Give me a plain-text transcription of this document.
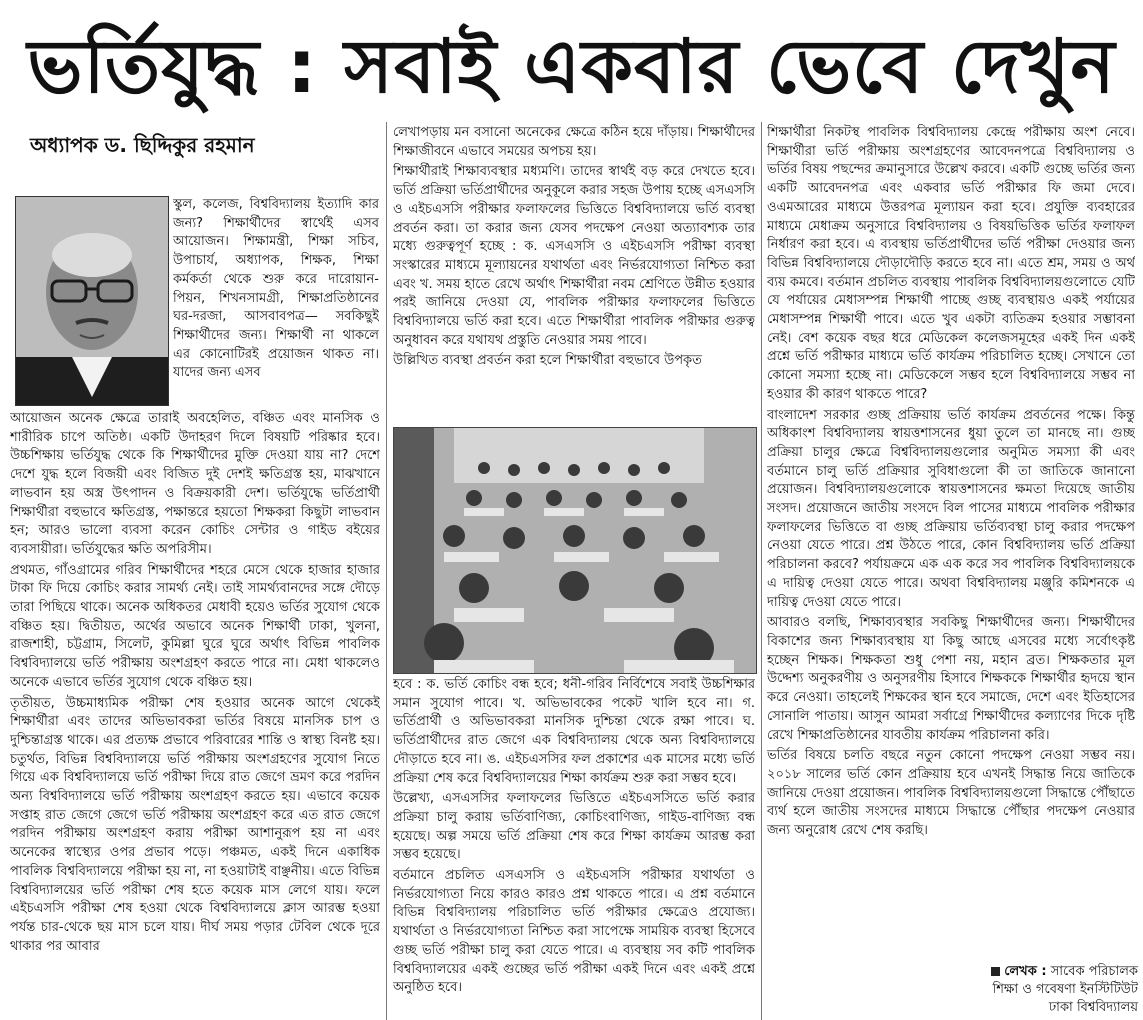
ভর্তিযুদ্ধ : সবাই একবার ভেবে দেখুন
অধ্যাপক ড. ছিদ্দিকুর রহমান

স্কুল, কলেজ, বিশ্ববিদ্যালয় ইত্যাদি কার জন্য? শিক্ষার্থীদের স্বার্থেই এসব আয়োজন। শিক্ষামন্ত্রী, শিক্ষা সচিব, উপাচার্য, অধ্যাপক, শিক্ষক, শিক্ষা কর্মকর্তা থেকে শুরু করে দারোয়ান-পিয়ন, শিখনসামগ্রী, শিক্ষাপ্রতিষ্ঠানের ঘর-দরজা, আসবাবপত্র— সবকিছুই শিক্ষার্থীদের জন্য। শিক্ষার্থী না থাকলে এর কোনোটিরই প্রয়োজন থাকত না। যাদের জন্য এসব

আয়োজন অনেক ক্ষেত্রে তারাই অবহেলিত, বঞ্চিত এবং মানসিক ও শারীরিক চাপে অতিষ্ঠ। একটি উদাহরণ দিলে বিষয়টি পরিষ্কার হবে। উচ্চশিক্ষায় ভর্তিযুদ্ধ থেকে কি শিক্ষার্থীদের মুক্তি দেওয়া যায় না? দেশে দেশে যুদ্ধ হলে বিজয়ী এবং বিজিত দুই দেশই ক্ষতিগ্রস্ত হয়, মাঝখানে লাভবান হয় অস্ত্র উৎপাদন ও বিক্রয়কারী দেশ। ভর্তিযুদ্ধে ভর্তিপ্রার্থী শিক্ষার্থীরা বহুভাবে ক্ষতিগ্রস্ত, পক্ষান্তরে হয়তো শিক্ষকরা কিছুটা লাভবান হন; আরও ভালো ব্যবসা করেন কোচিং সেন্টার ও গাইড বইয়ের ব্যবসায়ীরা। ভর্তিযুদ্ধের ক্ষতি অপরিসীম।

প্রথমত, গাঁওগ্রামের গরিব শিক্ষার্থীদের শহরে মেসে থেকে হাজার হাজার টাকা ফি দিয়ে কোচিং করার সামর্থ্য নেই। তাই সামর্থ্যবানদের সঙ্গে দৌড়ে তারা পিছিয়ে থাকে। অনেক অধিকতর মেধাবী হয়েও ভর্তির সুযোগ থেকে বঞ্চিত হয়। দ্বিতীয়ত, অর্থের অভাবে অনেক শিক্ষার্থী ঢাকা, খুলনা, রাজশাহী, চট্টগ্রাম, সিলেট, কুমিল্লা ঘুরে ঘুরে অর্থাৎ বিভিন্ন পাবলিক বিশ্ববিদ্যালয়ে ভর্তি পরীক্ষায় অংশগ্রহণ করতে পারে না। মেধা থাকলেও অনেকে এভাবে ভর্তির সুযোগ থেকে বঞ্চিত হয়।

তৃতীয়ত, উচ্চমাধ্যমিক পরীক্ষা শেষ হওয়ার অনেক আগে থেকেই শিক্ষার্থীরা এবং তাদের অভিভাবকরা ভর্তির বিষয়ে মানসিক চাপ ও দুশ্চিন্তাগ্রস্ত থাকে। এর প্রত্যক্ষ প্রভাবে পরিবারের শান্তি ও স্বাস্থ্য বিনষ্ট হয়। চতুর্থত, বিভিন্ন বিশ্ববিদ্যালয়ে ভর্তি পরীক্ষায় অংশগ্রহণের সুযোগ নিতে গিয়ে এক বিশ্ববিদ্যালয়ে ভর্তি পরীক্ষা দিয়ে রাত জেগে ভ্রমণ করে পরদিন অন্য বিশ্ববিদ্যালয়ে ভর্তি পরীক্ষায় অংশগ্রহণ করতে হয়। এভাবে কয়েক সপ্তাহ রাত জেগে জেগে ভর্তি পরীক্ষায় অংশগ্রহণ করে এত রাত জেগে পরদিন পরীক্ষায় অংশগ্রহণ করায় পরীক্ষা আশানুরূপ হয় না এবং অনেকের স্বাস্থ্যের ওপর প্রভাব পড়ে। পঞ্চমত, একই দিনে একাধিক পাবলিক বিশ্ববিদ্যালয়ে পরীক্ষা হয় না, না হওয়াটাই বাঞ্ছনীয়। এতে বিভিন্ন বিশ্ববিদ্যালয়ের ভর্তি পরীক্ষা শেষ হতে কয়েক মাস লেগে যায়। ফলে এইচএসসি পরীক্ষা শেষ হওয়া থেকে বিশ্ববিদ্যালয়ে ক্লাস আরম্ভ হওয়া পর্যন্ত চার-থেকে ছয় মাস চলে যায়। দীর্ঘ সময় পড়ার টেবিল থেকে দূরে থাকার পর আবার

লেখাপড়ায় মন বসানো অনেকের ক্ষেত্রে কঠিন হয়ে দাঁড়ায়। শিক্ষার্থীদের শিক্ষাজীবনে এভাবে সময়ের অপচয় হয়।

শিক্ষার্থীরাই শিক্ষাব্যবস্থার মধ্যমণি। তাদের স্বার্থই বড় করে দেখতে হবে। ভর্তি প্রক্রিয়া ভর্তিপ্রার্থীদের অনুকূলে করার সহজ উপায় হচ্ছে এসএসসি ও এইচএসসি পরীক্ষার ফলাফলের ভিত্তিতে বিশ্ববিদ্যালয়ে ভর্তি ব্যবস্থা প্রবর্তন করা। তা করার জন্য যেসব পদক্ষেপ নেওয়া অত্যাবশ্যক তার মধ্যে গুরুত্বপূর্ণ হচ্ছে : ক. এসএসসি ও এইচএসসি পরীক্ষা ব্যবস্থা সংস্কারের মাধ্যমে মূল্যায়নের যথার্থতা এবং নির্ভরযোগ্যতা নিশ্চিত করা এবং খ. সময় হাতে রেখে অর্থাৎ শিক্ষার্থীরা নবম শ্রেণিতে উন্নীত হওয়ার পরই জানিয়ে দেওয়া যে, পাবলিক পরীক্ষার ফলাফলের ভিত্তিতে বিশ্ববিদ্যালয়ে ভর্তি করা হবে। এতে শিক্ষার্থীরা পাবলিক পরীক্ষার গুরুত্ব অনুধাবন করে যথাযথ প্রস্তুতি নেওয়ার সময় পাবে।

উল্লিখিত ব্যবস্থা প্রবর্তন করা হলে শিক্ষার্থীরা বহুভাবে উপকৃত

হবে : ক. ভর্তি কোচিং বন্ধ হবে; ধনী-গরিব নির্বিশেষে সবাই উচ্চশিক্ষার সমান সুযোগ পাবে। খ. অভিভাবকের পকেট খালি হবে না। গ. ভর্তিপ্রার্থী ও অভিভাবকরা মানসিক দুশ্চিন্তা থেকে রক্ষা পাবে। ঘ. ভর্তিপ্রার্থীদের রাত জেগে এক বিশ্ববিদ্যালয় থেকে অন্য বিশ্ববিদ্যালয়ে দৌড়াতে হবে না। ঙ. এইচএসসির ফল প্রকাশের এক মাসের মধ্যে ভর্তি প্রক্রিয়া শেষ করে বিশ্ববিদ্যালয়ের শিক্ষা কার্যক্রম শুরু করা সম্ভব হবে।

উল্লেখ্য, এসএসসির ফলাফলের ভিত্তিতে এইচএসসিতে ভর্তি করার প্রক্রিয়া চালু করায় ভর্তিবাণিজ্য, কোচিংবাণিজ্য, গাইড-বাণিজ্য বন্ধ হয়েছে। অল্প সময়ে ভর্তি প্রক্রিয়া শেষ করে শিক্ষা কার্যক্রম আরম্ভ করা সম্ভব হয়েছে।

বর্তমানে প্রচলিত এসএসসি ও এইচএসসি পরীক্ষার যথার্থতা ও নির্ভরযোগ্যতা নিয়ে কারও কারও প্রশ্ন থাকতে পারে। এ প্রশ্ন বর্তমানে বিভিন্ন বিশ্ববিদ্যালয় পরিচালিত ভর্তি পরীক্ষার ক্ষেত্রেও প্রযোজ্য। যথার্থতা ও নির্ভরযোগ্যতা নিশ্চিত করা সাপেক্ষে সাময়িক ব্যবস্থা হিসেবে গুচ্ছ ভর্তি পরীক্ষা চালু করা যেতে পারে। এ ব্যবস্থায় সব কটি পাবলিক বিশ্ববিদ্যালয়ের একই গুচ্ছের ভর্তি পরীক্ষা একই দিনে এবং একই প্রশ্নে অনুষ্ঠিত হবে।

শিক্ষার্থীরা নিকটস্থ পাবলিক বিশ্ববিদ্যালয় কেন্দ্রে পরীক্ষায় অংশ নেবে। শিক্ষার্থীরা ভর্তি পরীক্ষায় অংশগ্রহণের আবেদনপত্রে বিশ্ববিদ্যালয় ও ভর্তির বিষয় পছন্দের ক্রমানুসারে উল্লেখ করবে। একটি গুচ্ছে ভর্তির জন্য একটি আবেদনপত্র এবং একবার ভর্তি পরীক্ষার ফি জমা দেবে। ওএমআরের মাধ্যমে উত্তরপত্র মূল্যায়ন করা হবে। প্রযুক্তি ব্যবহারের মাধ্যমে মেধাক্রম অনুসারে বিশ্ববিদ্যালয় ও বিষয়ভিত্তিক ভর্তির ফলাফল নির্ধারণ করা হবে। এ ব্যবস্থায় ভর্তিপ্রার্থীদের ভর্তি পরীক্ষা দেওয়ার জন্য বিভিন্ন বিশ্ববিদ্যালয়ে দৌড়াদৌড়ি করতে হবে না। এতে শ্রম, সময় ও অর্থ ব্যয় কমবে। বর্তমান প্রচলিত ব্যবস্থায় পাবলিক বিশ্ববিদ্যালয়গুলোতে যেটি যে পর্যায়ের মেধাসম্পন্ন শিক্ষার্থী পাচ্ছে গুচ্ছ ব্যবস্থায়ও একই পর্যায়ের মেধাসম্পন্ন শিক্ষার্থী পাবে। এতে খুব একটা ব্যতিক্রম হওয়ার সম্ভাবনা নেই। বেশ কয়েক বছর ধরে মেডিকেল কলেজসমূহের একই দিন একই প্রশ্নে ভর্তি পরীক্ষার মাধ্যমে ভর্তি কার্যক্রম পরিচালিত হচ্ছে। সেখানে তো কোনো সমস্যা হচ্ছে না। মেডিকেলে সম্ভব হলে বিশ্ববিদ্যালয়ে সম্ভব না হওয়ার কী কারণ থাকতে পারে?

বাংলাদেশ সরকার গুচ্ছ প্রক্রিয়ায় ভর্তি কার্যক্রম প্রবর্তনের পক্ষে। কিন্তু অধিকাংশ বিশ্ববিদ্যালয় স্বায়ত্তশাসনের ধুয়া তুলে তা মানছে না। গুচ্ছ প্রক্রিয়া চালুর ক্ষেত্রে বিশ্ববিদ্যালয়গুলোর অনুমিত সমস্যা কী এবং বর্তমানে চালু ভর্তি প্রক্রিয়ার সুবিধাগুলো কী তা জাতিকে জানানো প্রয়োজন। বিশ্ববিদ্যালয়গুলোকে স্বায়ত্তশাসনের ক্ষমতা দিয়েছে জাতীয় সংসদ। প্রয়োজনে জাতীয় সংসদে বিল পাসের মাধ্যমে পাবলিক পরীক্ষার ফলাফলের ভিত্তিতে বা গুচ্ছ প্রক্রিয়ায় ভর্তিব্যবস্থা চালু করার পদক্ষেপ নেওয়া যেতে পারে। প্রশ্ন উঠতে পারে, কোন বিশ্ববিদ্যালয় ভর্তি প্রক্রিয়া পরিচালনা করবে? পর্যায়ক্রমে এক এক করে সব পাবলিক বিশ্ববিদ্যালয়কে এ দায়িত্ব দেওয়া যেতে পারে। অথবা বিশ্ববিদ্যালয় মঞ্জুরি কমিশনকে এ দায়িত্ব দেওয়া যেতে পারে।

আবারও বলছি, শিক্ষাব্যবস্থার সবকিছু শিক্ষার্থীদের জন্য। শিক্ষার্থীদের বিকাশের জন্য শিক্ষাব্যবস্থায় যা কিছু আছে এসবের মধ্যে সর্বোৎকৃষ্ট হচ্ছেন শিক্ষক। শিক্ষকতা শুধু পেশা নয়, মহান ব্রত। শিক্ষকতার মূল উদ্দেশ্য অনুকরণীয় ও অনুসরণীয় হিসাবে শিক্ষককে শিক্ষার্থীর হৃদয়ে স্থান করে নেওয়া। তাহলেই শিক্ষকের স্থান হবে সমাজে, দেশে এবং ইতিহাসের সোনালি পাতায়। আসুন আমরা সর্বাগ্রে শিক্ষার্থীদের কল্যাণের দিকে দৃষ্টি রেখে শিক্ষাপ্রতিষ্ঠানের যাবতীয় কার্যক্রম পরিচালনা করি।

ভর্তির বিষয়ে চলতি বছরে নতুন কোনো পদক্ষেপ নেওয়া সম্ভব নয়। ২০১৮ সালের ভর্তি কোন প্রক্রিয়ায় হবে এখনই সিদ্ধান্ত নিয়ে জাতিকে জানিয়ে দেওয়া প্রয়োজন। পাবলিক বিশ্ববিদ্যালয়গুলো সিদ্ধান্তে পৌঁছাতে ব্যর্থ হলে জাতীয় সংসদের মাধ্যমে সিদ্ধান্তে পৌঁছার পদক্ষেপ নেওয়ার জন্য অনুরোধ রেখে শেষ করছি।

লেখক : সাবেক পরিচালক
শিক্ষা ও গবেষণা ইনস্টিটিউট
ঢাকা বিশ্ববিদ্যালয়
